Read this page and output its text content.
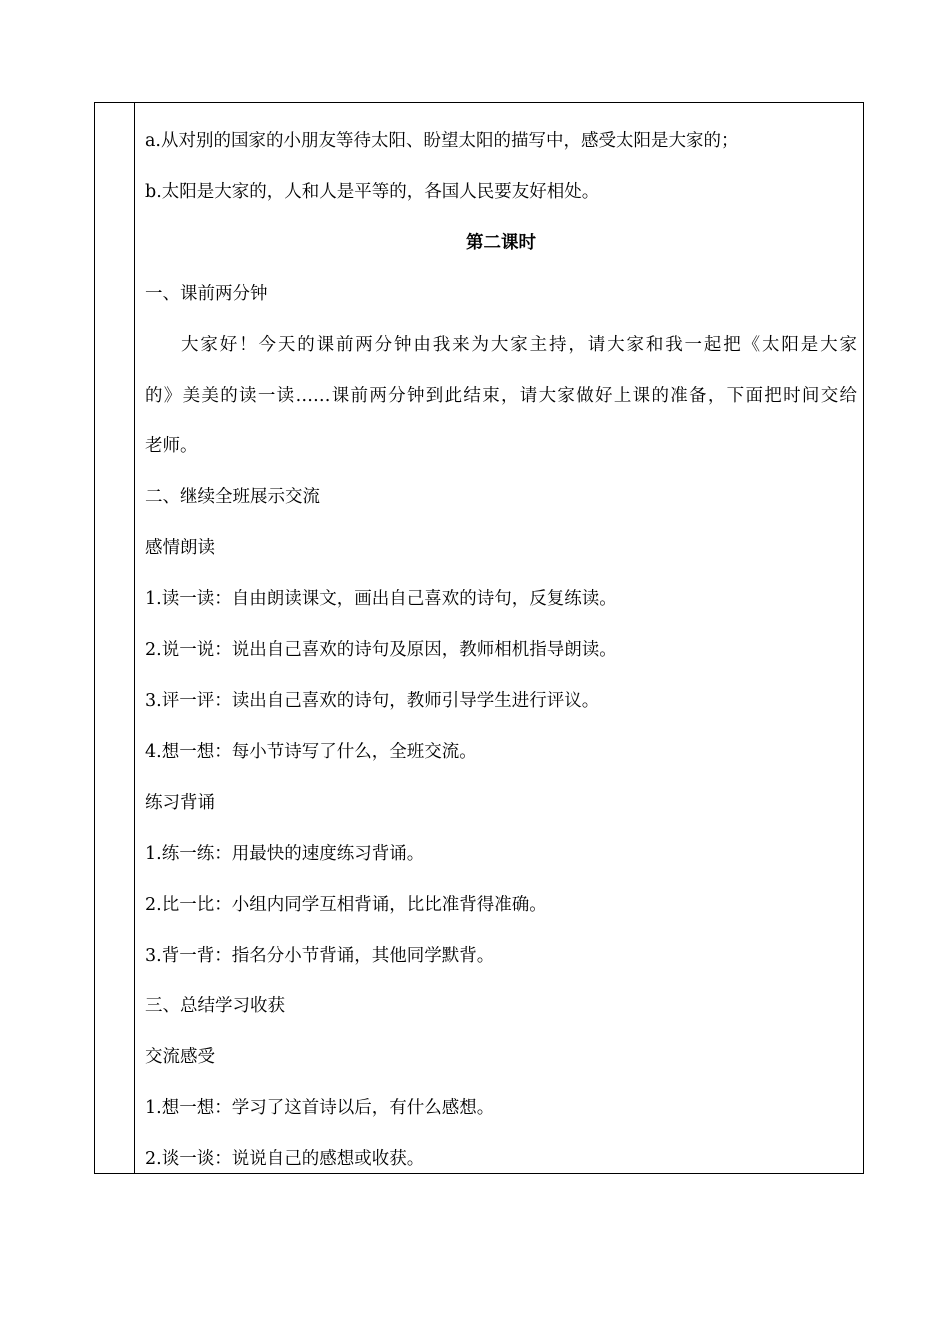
a.从对别的国家的小朋友等待太阳、盼望太阳的描写中，感受太阳是大家的；
b.太阳是大家的，人和人是平等的，各国人民要友好相处。
第二课时
一、课前两分钟
大家好！今天的课前两分钟由我来为大家主持，请大家和我一起把《太阳是大家
的》美美的读一读……课前两分钟到此结束，请大家做好上课的准备，下面把时间交给
老师。
二、继续全班展示交流
感情朗读
1.读一读：自由朗读课文，画出自己喜欢的诗句，反复练读。
2.说一说：说出自己喜欢的诗句及原因，教师相机指导朗读。
3.评一评：读出自己喜欢的诗句，教师引导学生进行评议。
4.想一想：每小节诗写了什么，全班交流。
练习背诵
1.练一练：用最快的速度练习背诵。
2.比一比：小组内同学互相背诵，比比准背得准确。
3.背一背：指名分小节背诵，其他同学默背。
三、总结学习收获
交流感受
1.想一想：学习了这首诗以后，有什么感想。
2.谈一谈：说说自己的感想或收获。
